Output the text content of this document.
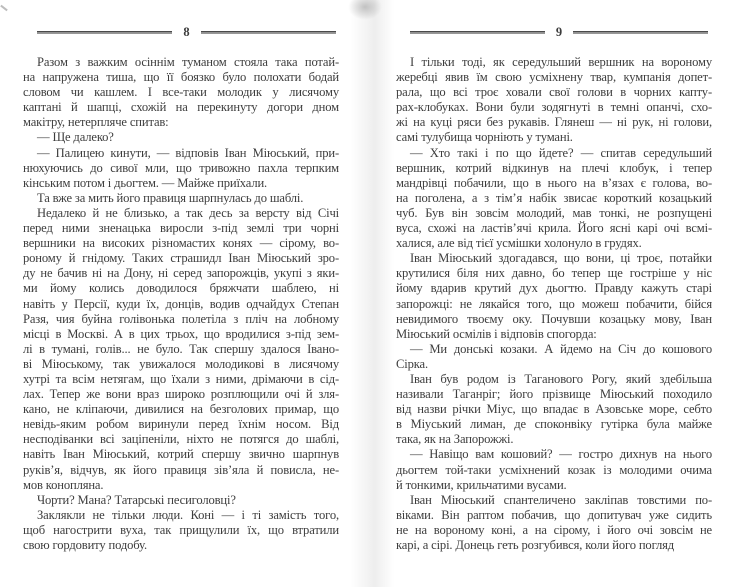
8
Разом з важким осіннім туманом стояла така потай-
на напружена тиша, що її боязко було полохати бодай
словом чи кашлем. І все-таки молодик у лисячому
каптані й шапці, схожій на перекинуту догори дном
макітру, нетерпляче спитав:
— Ще далеко?
— Палицею кинути, — відповів Іван Міюський, при-
нюхуючись до сивої мли, що тривожно пахла терпким
кінським потом і дьогтем. — Майже приїхали.
Та вже за мить його правиця шарпнулась до шаблі.
Недалеко й не близько, а так десь за версту від Січі
перед ними зненацька виросли з-під землі три чорні
вершники на високих різномастих конях — сірому, во-
роному й гнідому. Таких страшидл Іван Міюський зро-
ду не бачив ні на Дону, ні серед запорожців, укупі з яки-
ми йому колись доводилося бряжчати шаблею, ні
навіть у Персії, куди їх, донців, водив одчайдух Степан
Разя, чия буйна голівонька полетіла з пліч на лобному
місці в Москві. А в цих трьох, що вродилися з-під зем-
лі в тумані, голів... не було. Так спершу здалося Івано-
ві Міюському, так увижалося молодикові в лисячому
хутрі та всім нетягам, що їхали з ними, дрімаючи в сід-
лах. Тепер же вони враз широко розплющили очі й зля-
кано, не кліпаючи, дивилися на безголових примар, що
невідь-яким робом виринули перед їхнім носом. Від
несподіванки всі заціпеніли, ніхто не потягся до шаблі,
навіть Іван Міюський, котрий спершу звично шарпнув
руків’я, відчув, як його правиця зів’яла й повисла, не-
мов конопляна.
Чорти? Мана? Татарські песиголовці?
Заклякли не тільки люди. Коні — і ті замість того,
щоб нагострити вуха, так прищулили їх, що втратили
свою гордовиту подобу.
9
І тільки тоді, як середульший вершник на вороному
жеребці явив їм свою усміхнену твар, кумпанія допет-
рала, що всі троє ховали свої голови в чорних капту-
рах-клобуках. Вони були зодягнуті в темні опанчі, схо-
жі на куці ряси без рукавів. Глянеш — ні рук, ні голови,
самі тулубища чорніють у тумані.
— Хто такі і по що йдете? — спитав середульший
вершник, котрий відкинув на плечі клобук, і тепер
мандрівці побачили, що в нього на в’язах є голова, во-
на поголена, а з тім’я набік звисає короткий козацький
чуб. Був він зовсім молодий, мав тонкі, не розпущені
вуса, схожі на ластів’ячі крила. Його ясні карі очі всмі-
халися, але від тієї усмішки холонуло в грудях.
Іван Міюський здогадався, що вони, ці троє, потайки
крутилися біля них давно, бо тепер ще гостріше у ніс
йому вдарив крутий дух дьогтю. Правду кажуть старі
запорожці: не лякайся того, що можеш побачити, бійся
невидимого твоєму оку. Почувши козацьку мову, Іван
Міюський осмілів і відповів спогорда:
— Ми донські козаки. А йдемо на Січ до кошового
Сірка.
Іван був родом із Таганового Рогу, який здебільша
називали Таганріг; його прізвище Міюський походило
від назви річки Міус, що впадає в Азовське море, себто
в Міуський лиман, де споконвіку гутірка була майже
така, як на Запорожжі.
— Навіщо вам кошовий? — гостро дихнув на нього
дьогтем той-таки усміхнений козак із молодими очима
й тонкими, крильчатими вусами.
Іван Міюський спантеличено закліпав товстими по-
віками. Він раптом побачив, що допитувач уже сидить
не на вороному коні, а на сірому, і його очі зовсім не
карі, а сірі. Донець геть розгубився, коли його погляд
